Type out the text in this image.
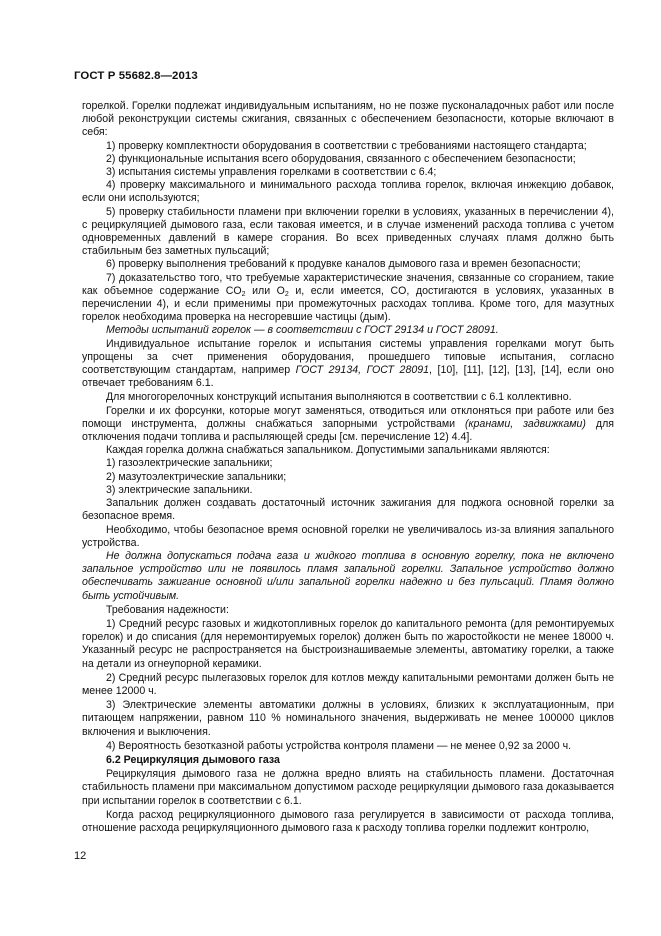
ГОСТ Р 55682.8—2013

горелкой. Горелки подлежат индивидуальным испытаниям, но не позже пусконаладочных работ или после любой реконструкции системы сжигания, связанных с обеспечением безопасности, которые включают в себя:

1) проверку комплектности оборудования в соответствии с требованиями настоящего стандарта;

2) функциональные испытания всего оборудования, связанного с обеспечением безопасности;

3) испытания системы управления горелками в соответствии с 6.4;

4) проверку максимального и минимального расхода топлива горелок, включая инжекцию добавок, если они используются;

5) проверку стабильности пламени при включении горелки в условиях, указанных в перечислении 4), с рециркуляцией дымового газа, если таковая имеется, и в случае изменений расхода топлива с учетом одновременных давлений в камере сгорания. Во всех приведенных случаях пламя должно быть стабильным без заметных пульсаций;

6) проверку выполнения требований к продувке каналов дымового газа и времен безопасности;

7) доказательство того, что требуемые характеристические значения, связанные со сгоранием, такие как объемное содержание $CO_2$ или $O_2$ и, если имеется, CO, достигаются в условиях, указанных в перечислении 4), и если применимы при промежуточных расходах топлива. Кроме того, для мазутных горелок необходима проверка на несгоревшие частицы (дым).

Методы испытаний горелок — в соответствии с ГОСТ 29134 и ГОСТ 28091.

Индивидуальное испытание горелок и испытания системы управления горелками могут быть упрощены за счет применения оборудования, прошедшего типовые испытания, согласно соответствующим стандартам, например ГОСТ 29134, ГОСТ 28091, [10], [11], [12], [13], [14], если оно отвечает требованиям 6.1.

Для многогорелочных конструкций испытания выполняются в соответствии с 6.1 коллективно.

Горелки и их форсунки, которые могут заменяться, отводиться или отклоняться при работе или без помощи инструмента, должны снабжаться запорными устройствами (кранами, задвижками) для отключения подачи топлива и распыляющей среды [см. перечисление 12) 4.4].

Каждая горелка должна снабжаться запальником. Допустимыми запальниками являются:

1) газоэлектрические запальники;

2) мазутоэлектрические запальники;

3) электрические запальники.

Запальник должен создавать достаточный источник зажигания для поджога основной горелки за безопасное время.

Необходимо, чтобы безопасное время основной горелки не увеличивалось из-за влияния запального устройства.

Не должна допускаться подача газа и жидкого топлива в основную горелку, пока не включено запальное устройство или не появилось пламя запальной горелки. Запальное устройство должно обеспечивать зажигание основной и/или запальной горелки надежно и без пульсаций. Пламя должно быть устойчивым.

Требования надежности:

1) Средний ресурс газовых и жидкотопливных горелок до капитального ремонта (для ремонтируемых горелок) и до списания (для неремонтируемых горелок) должен быть по жаростойкости не менее 18000 ч. Указанный ресурс не распространяется на быстроизнашиваемые элементы, автоматику горелки, а также на детали из огнеупорной керамики.

2) Средний ресурс пылегазовых горелок для котлов между капитальными ремонтами должен быть не менее 12000 ч.

3) Электрические элементы автоматики должны в условиях, близких к эксплуатационным, при питающем напряжении, равном 110 % номинального значения, выдерживать не менее 100000 циклов включения и выключения.

4) Вероятность безотказной работы устройства контроля пламени — не менее 0,92 за 2000 ч.

6.2 Рециркуляция дымового газа

Рециркуляция дымового газа не должна вредно влиять на стабильность пламени. Достаточная стабильность пламени при максимальном допустимом расходе рециркуляции дымового газа доказывается при испытании горелок в соответствии с 6.1.

Когда расход рециркуляционного дымового газа регулируется в зависимости от расхода топлива, отношение расхода рециркуляционного дымового газа к расходу топлива горелки подлежит контролю,

12
